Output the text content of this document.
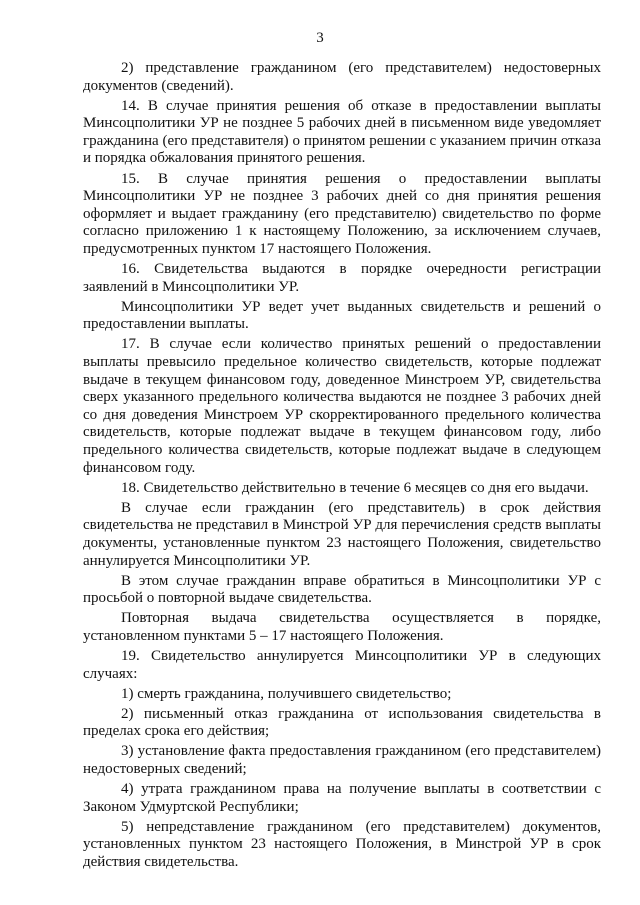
3

2) представление гражданином (его представителем) недостоверных документов (сведений).

14. В случае принятия решения об отказе в предоставлении выплаты Минсоцполитики УР не позднее 5 рабочих дней в письменном виде уведомляет гражданина (его представителя) о принятом решении с указанием причин отказа и порядка обжалования принятого решения.

15. В случае принятия решения о предоставлении выплаты Минсоцполитики УР не позднее 3 рабочих дней со дня принятия решения оформляет и выдает гражданину (его представителю) свидетельство по форме согласно приложению 1 к настоящему Положению, за исключением случаев, предусмотренных пунктом 17 настоящего Положения.

16. Свидетельства выдаются в порядке очередности регистрации заявлений в Минсоцполитики УР.

Минсоцполитики УР ведет учет выданных свидетельств и решений о предоставлении выплаты.

17. В случае если количество принятых решений о предоставлении выплаты превысило предельное количество свидетельств, которые подлежат выдаче в текущем финансовом году, доведенное Минстроем УР, свидетельства сверх указанного предельного количества выдаются не позднее 3 рабочих дней со дня доведения Минстроем УР скорректированного предельного количества свидетельств, которые подлежат выдаче в текущем финансовом году, либо предельного количества свидетельств, которые подлежат выдаче в следующем финансовом году.

18. Свидетельство действительно в течение 6 месяцев со дня его выдачи.

В случае если гражданин (его представитель) в срок действия свидетельства не представил в Минстрой УР для перечисления средств выплаты документы, установленные пунктом 23 настоящего Положения, свидетельство аннулируется Минсоцполитики УР.

В этом случае гражданин вправе обратиться в Минсоцполитики УР с просьбой о повторной выдаче свидетельства.

Повторная выдача свидетельства осуществляется в порядке, установленном пунктами 5 – 17 настоящего Положения.

19. Свидетельство аннулируется Минсоцполитики УР в следующих случаях:

1) смерть гражданина, получившего свидетельство;

2) письменный отказ гражданина от использования свидетельства в пределах срока его действия;

3) установление факта предоставления гражданином (его представителем) недостоверных сведений;

4) утрата гражданином права на получение выплаты в соответствии с Законом Удмуртской Республики;

5) непредставление гражданином (его представителем) документов, установленных пунктом 23 настоящего Положения, в Минстрой УР в срок действия свидетельства.
